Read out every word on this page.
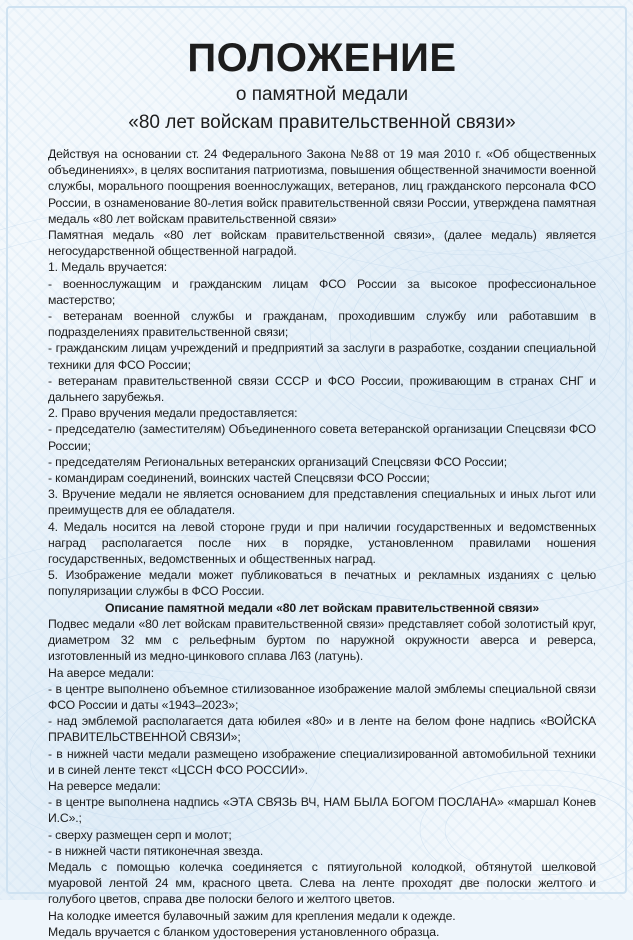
ПОЛОЖЕНИЕ
о памятной медали
«80 лет войскам правительственной связи»

Действуя на основании ст. 24 Федерального Закона №88 от 19 мая 2010 г. «Об общественных объединениях», в целях воспитания патриотизма, повышения общественной значимости военной службы, морального поощрения военнослужащих, ветеранов, лиц гражданского персонала ФСО России, в ознаменование 80-летия войск правительственной связи России, утверждена памятная медаль «80 лет войскам правительственной связи»

Памятная медаль «80 лет войскам правительственной связи», (далее медаль) является негосударственной общественной наградой.

1. Медаль вручается:

- военнослужащим и гражданским лицам ФСО России за высокое профессиональное мастерство;

- ветеранам военной службы и гражданам, проходившим службу или работавшим в подразделениях правительственной связи;

- гражданским лицам учреждений и предприятий за заслуги в разработке, создании специальной техники для ФСО России;

- ветеранам правительственной связи СССР и ФСО России, проживающим в странах СНГ и дальнего зарубежья.

2. Право вручения медали предоставляется:

- председателю (заместителям) Объединенного совета ветеранской организации Спецсвязи ФСО России;

- председателям Региональных ветеранских организаций Спецсвязи ФСО России;

- командирам соединений, воинских частей Спецсвязи ФСО России;

3. Вручение медали не является основанием для представления специальных и иных льгот или преимуществ для ее обладателя.

4. Медаль носится на левой стороне груди и при наличии государственных и ведомственных наград располагается после них в порядке, установленном правилами ношения государственных, ведомственных и общественных наград.

5. Изображение медали может публиковаться в печатных и рекламных изданиях с целью популяризации службы в ФСО России.

Описание памятной медали «80 лет войскам правительственной связи»

Подвес медали «80 лет войскам правительственной связи» представляет собой золотистый круг, диаметром 32 мм с рельефным буртом по наружной окружности аверса и реверса, изготовленный из медно-цинкового сплава Л63 (латунь).

На аверсе медали:

- в центре выполнено объемное стилизованное изображение малой эмблемы специальной связи ФСО России и даты «1943–2023»;

- над эмблемой располагается дата юбилея «80» и в ленте на белом фоне надпись «ВОЙСКА ПРАВИТЕЛЬСТВЕННОЙ СВЯЗИ»;

- в нижней части медали размещено изображение специализированной автомобильной техники и в синей ленте текст «ЦССН ФСО РОССИИ».

На реверсе медали:

- в центре выполнена надпись «ЭТА СВЯЗЬ ВЧ, НАМ БЫЛА БОГОМ ПОСЛАНА» «маршал Конев И.С».;

- сверху размещен серп и молот;

- в нижней части пятиконечная звезда.

Медаль с помощью колечка соединяется с пятиугольной колодкой, обтянутой шелковой муаровой лентой 24 мм, красного цвета. Слева на ленте проходят две полоски желтого и голубого цветов, справа две полоски белого и желтого цветов.

На колодке имеется булавочный зажим для крепления медали к одежде.

Медаль вручается с бланком удостоверения установленного образца.
